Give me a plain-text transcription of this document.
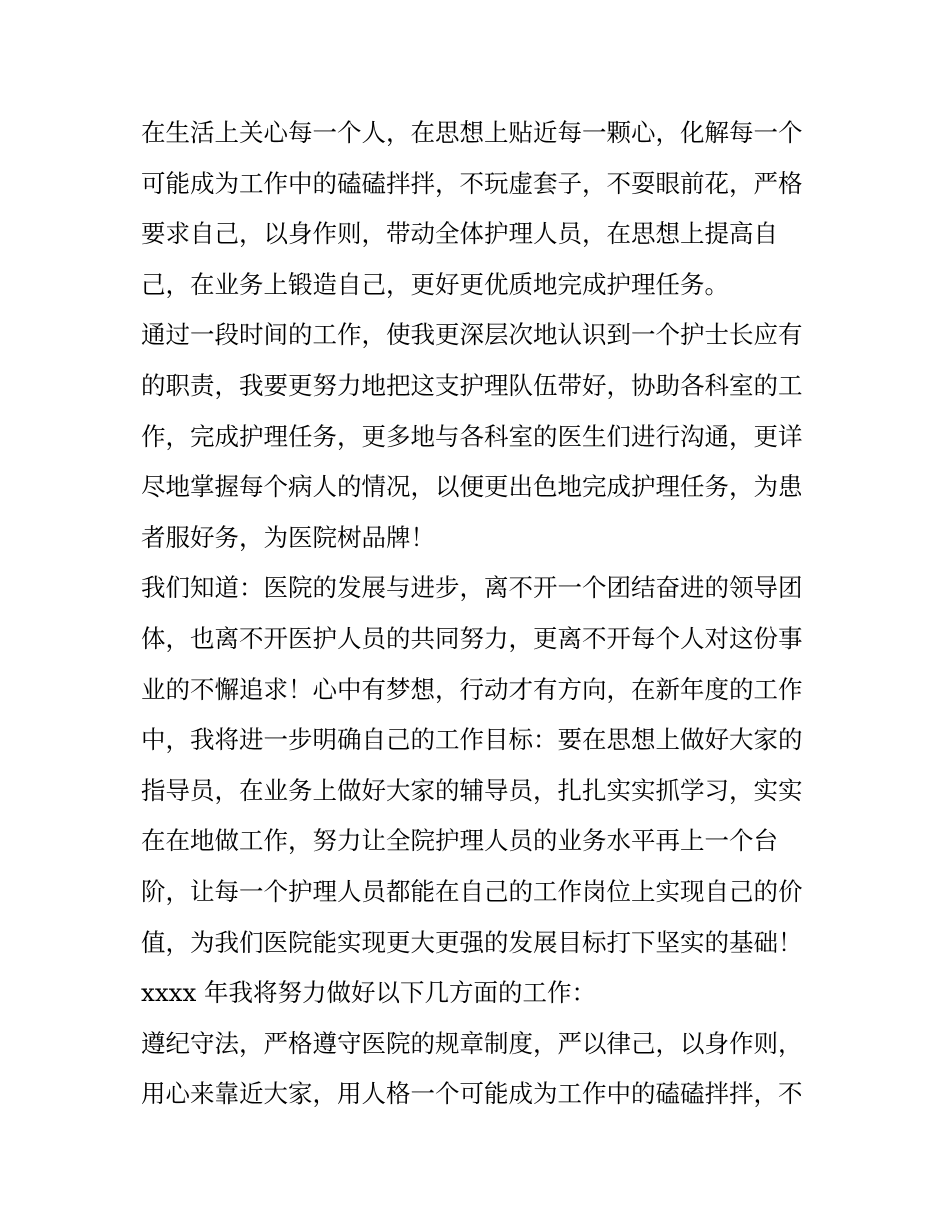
在生活上关心每一个人，在思想上贴近每一颗心，化解每一个
可能成为工作中的磕磕拌拌，不玩虚套子，不耍眼前花，严格
要求自己，以身作则，带动全体护理人员，在思想上提高自
己，在业务上锻造自己，更好更优质地完成护理任务。
通过一段时间的工作，使我更深层次地认识到一个护士长应有
的职责，我要更努力地把这支护理队伍带好，协助各科室的工
作，完成护理任务，更多地与各科室的医生们进行沟通，更详
尽地掌握每个病人的情况，以便更出色地完成护理任务，为患
者服好务，为医院树品牌！
我们知道：医院的发展与进步，离不开一个团结奋进的领导团
体，也离不开医护人员的共同努力，更离不开每个人对这份事
业的不懈追求！心中有梦想，行动才有方向，在新年度的工作
中，我将进一步明确自己的工作目标：要在思想上做好大家的
指导员，在业务上做好大家的辅导员，扎扎实实抓学习，实实
在在地做工作，努力让全院护理人员的业务水平再上一个台
阶，让每一个护理人员都能在自己的工作岗位上实现自己的价
值，为我们医院能实现更大更强的发展目标打下坚实的基础！
xxxx 年我将努力做好以下几方面的工作：
遵纪守法，严格遵守医院的规章制度，严以律己，以身作则，
用心来靠近大家，用人格一个可能成为工作中的磕磕拌拌，不
